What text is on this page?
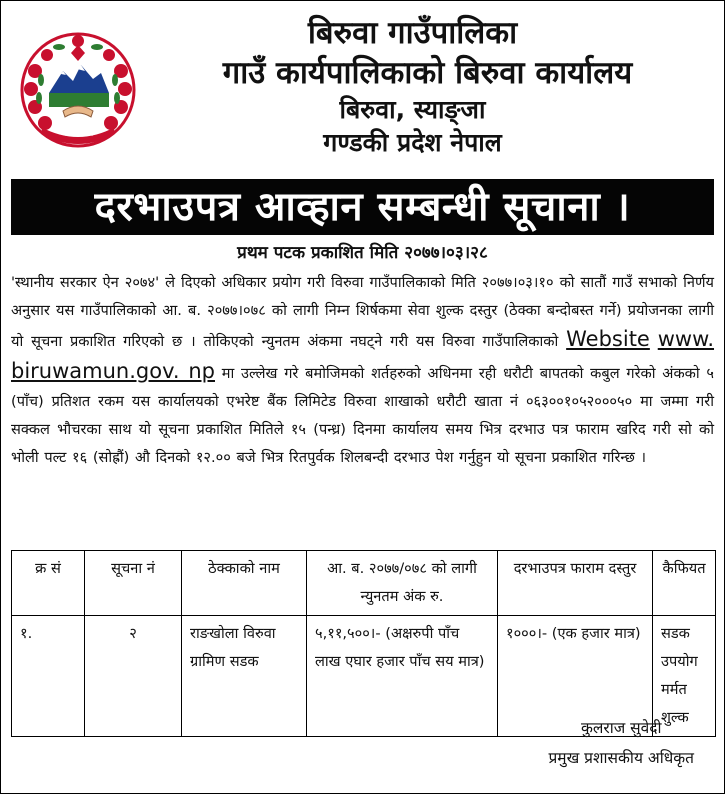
नेपाल सरकार
बिरुवा गाउँपालिका
गाउँ कार्यपालिकाको बिरुवा कार्यालय
बिरुवा, स्याङ्जा
गण्डकी प्रदेश नेपाल
दरभाउपत्र आव्हान सम्बन्धी सूचाना ।
प्रथम पटक प्रकाशित मिति २०७७।०३।२८
'स्थानीय सरकार ऐन २०७४' ले दिएको अधिकार प्रयोग गरी विरुवा गाउँपालिकाको मिति २०७७।०३।१० को सातौं गाउँ सभाको निर्णय अनुसार यस गाउँपालिकाको आ. ब. २०७७।०७८ को लागी निम्न शिर्षकमा सेवा शुल्क दस्तुर (ठेक्का बन्दोबस्त गर्ने) प्रयोजनका लागी यो सूचना प्रकाशित गरिएको छ । तोकिएको न्युनतम अंकमा नघट्ने गरी यस विरुवा गाउँपालिकाको Website www. biruwamun.gov. np मा उल्लेख गरे बमोजिमको शर्तहरुको अधिनमा रही धरौटी बापतको कबुल गरेको अंकको ५ (पाँच) प्रतिशत रकम यस कार्यालयको एभरेष्ट बैंक लिमिटेड विरुवा शाखाको धरौटी खाता नं ०६३००१०५२०००५० मा जम्मा गरी सक्कल भौचरका साथ यो सूचना प्रकाशित मितिले १५ (पन्ध्र) दिनमा कार्यालय समय भित्र दरभाउ पत्र फाराम खरिद गरी सो को भोली पल्ट १६ (सोह्रौं) औ दिनको १२.०० बजे भित्र रितपुर्वक शिलबन्दी दरभाउ पेश गर्नुहुन यो सूचना प्रकाशित गरिन्छ ।
क्र सं	सूचना नं	ठेक्काको नाम	आ. ब. २०७७/०७८ को लागी न्युनतम अंक रु.	दरभाउपत्र फाराम दस्तुर	कैफियत
१.	२	राङखोला विरुवा ग्रामिण सडक	५,११,५००।- (अक्षरुपी पाँच लाख एघार हजार पाँच सय मात्र)	१०००।- (एक हजार मात्र)	सडक उपयोग मर्मत शुल्क
कुलराज सुवेदी
प्रमुख प्रशासकीय अधिकृत
